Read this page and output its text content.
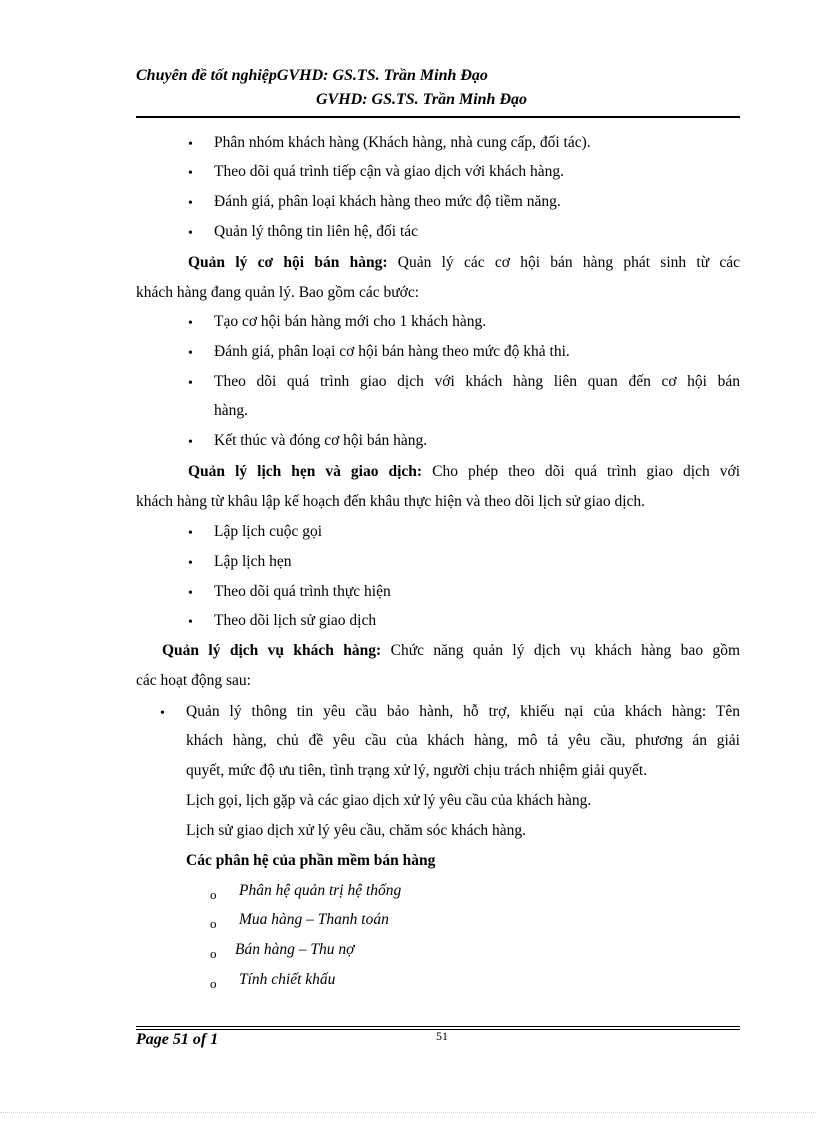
Chuyên đề tốt nghiệpGVHD: GS.TS. Trần Minh Đạo
GVHD: GS.TS. Trần Minh Đạo
• Phân nhóm khách hàng (Khách hàng, nhà cung cấp, đối tác).
• Theo dõi quá trình tiếp cận và giao dịch với khách hàng.
• Đánh giá, phân loại khách hàng theo mức độ tiềm năng.
• Quản lý thông tin liên hệ, đối tác
Quản lý cơ hội bán hàng: Quản lý các cơ hội bán hàng phát sinh từ các
khách hàng đang quản lý. Bao gồm các bước:
• Tạo cơ hội bán hàng mới cho 1 khách hàng.
• Đánh giá, phân loại cơ hội bán hàng theo mức độ khả thi.
• Theo dõi quá trình giao dịch với khách hàng liên quan đến cơ hội bán
hàng.
• Kết thúc và đóng cơ hội bán hàng.
Quản lý lịch hẹn và giao dịch: Cho phép theo dõi quá trình giao dịch với
khách hàng từ khâu lập kế hoạch đến khâu thực hiện và theo dõi lịch sử giao dịch.
• Lập lịch cuộc gọi
• Lập lịch hẹn
• Theo dõi quá trình thực hiện
• Theo dõi lịch sử giao dịch
Quản lý dịch vụ khách hàng: Chức năng quản lý dịch vụ khách hàng bao gồm
các hoạt động sau:
• Quản lý thông tin yêu cầu bảo hành, hỗ trợ, khiếu nại của khách hàng: Tên
khách hàng, chủ đề yêu cầu của khách hàng, mô tả yêu cầu, phương án giải
quyết, mức độ ưu tiên, tình trạng xử lý, người chịu trách nhiệm giải quyết.
Lịch gọi, lịch gặp và các giao dịch xử lý yêu cầu của khách hàng.
Lịch sử giao dịch xử lý yêu cầu, chăm sóc khách hàng.
Các phân hệ của phần mềm bán hàng
o Phân hệ quản trị hệ thống
o Mua hàng – Thanh toán
o Bán hàng – Thu nợ
o Tính chiết khấu
Page 51 of 1	51
